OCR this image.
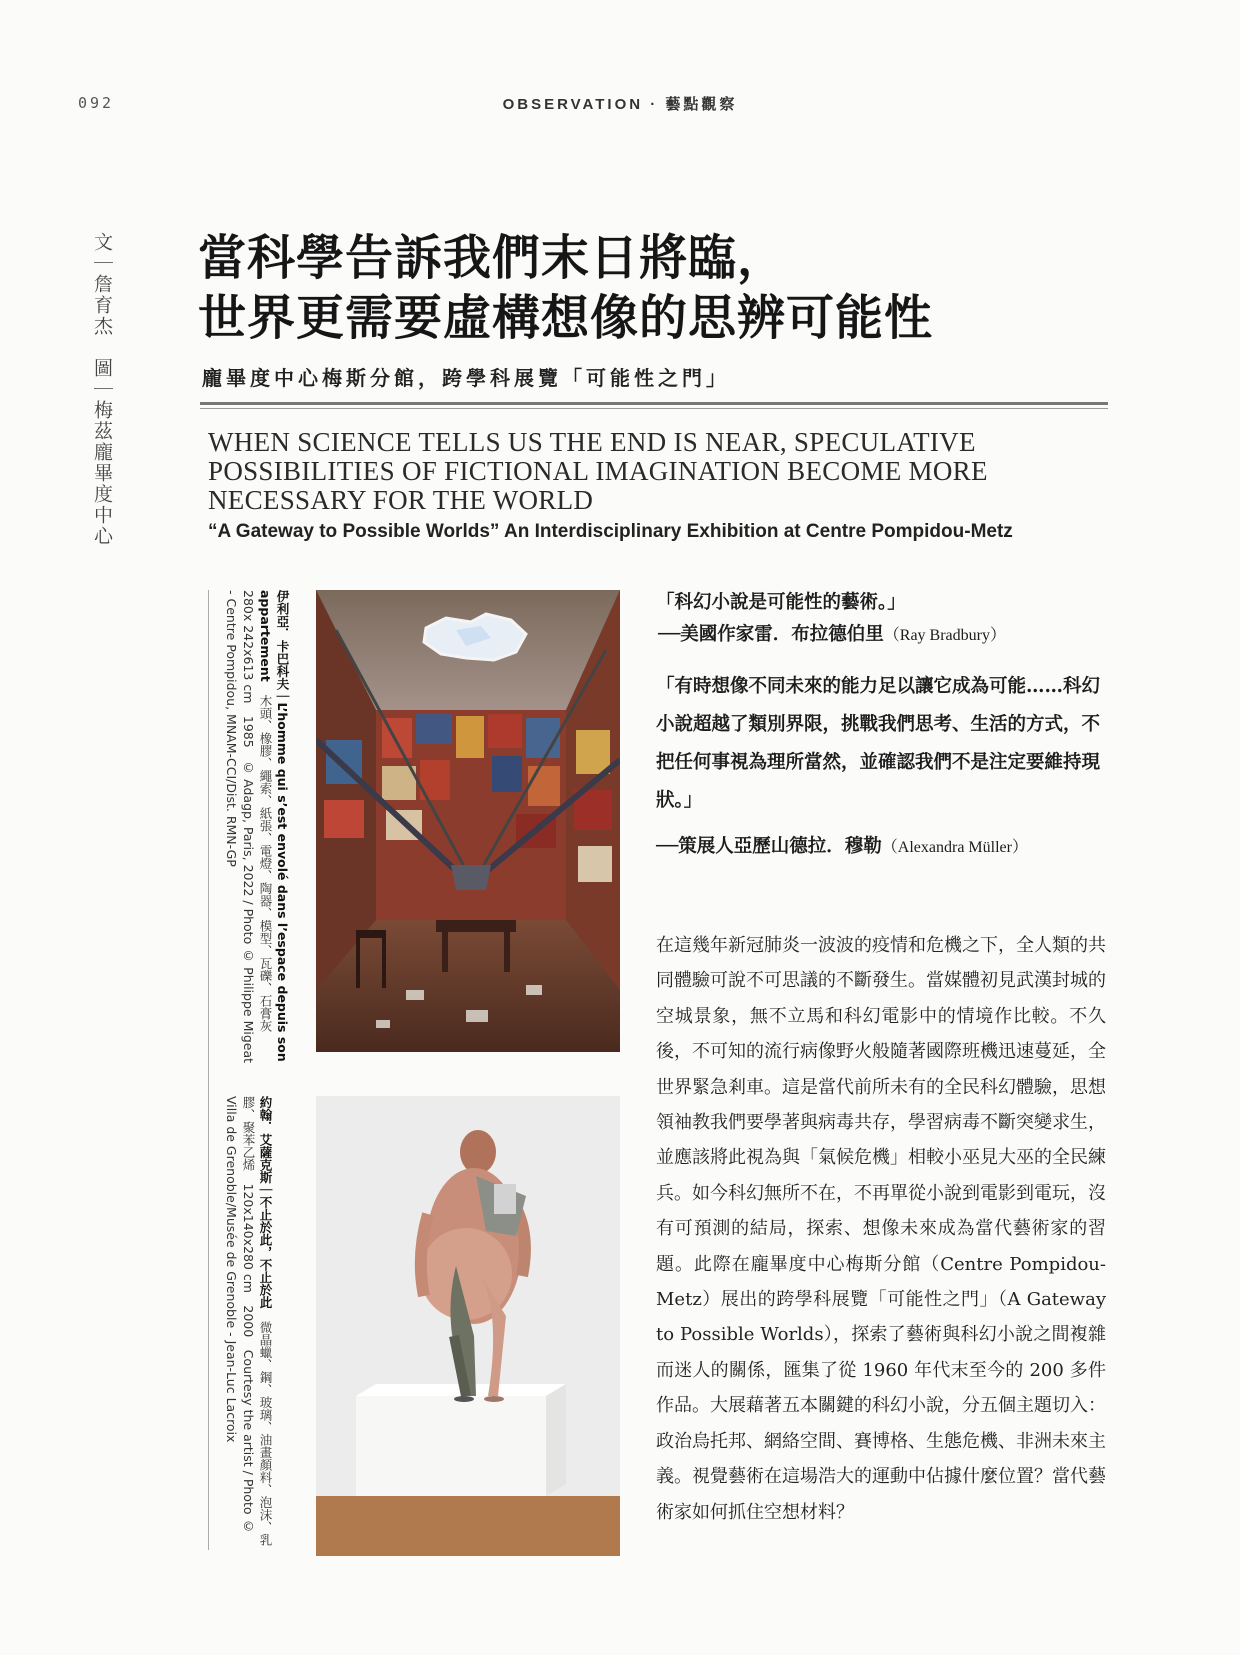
092	OBSERVATION · 藝點觀察
文｜詹育杰　圖｜梅茲龐畢度中心 當科學告訴我們末日將臨，
世界更需要虛構想像的思辨可能性
龐畢度中心梅斯分館，跨學科展覽「可能性之門」
WHEN SCIENCE TELLS US THE END IS NEAR, SPECULATIVE POSSIBILITIES OF FICTIONAL IMAGINATION BECOME MORE NECESSARY FOR THE WORLD
“A Gateway to Possible Worlds” An Interdisciplinary Exhibition at Centre Pompidou-Metz
伊利亞．卡巴科夫｜L’homme qui s’est envolé dans l’espace depuis son appartement　木頭、橡膠、繩索、紙張、電燈、陶器、模型、瓦礫、石膏灰　280x 242x613 cm　1985　© Adagp, Paris, 2022 / Photo © Philippe Migeat - Centre Pompidou, MNAM-CCI/Dist. RMN-GP
約翰．艾薩克斯｜不止於此，不止於此　微晶蠟、鋼、玻璃、油畫顏料、泡沫、乳膠、聚苯乙烯　120x140x280 cm　2000　Courtesy the artist / Photo © Villa de Grenoble/Musée de Grenoble - Jean-Luc Lacroix
「科幻小說是可能性的藝術。」
──美國作家雷．布拉德伯里（Ray Bradbury）
「有時想像不同未來的能力足以讓它成為可能……科幻小說超越了類別界限，挑戰我們思考、生活的方式，不把任何事視為理所當然，並確認我們不是注定要維持現狀。」
──策展人亞歷山德拉．穆勒（Alexandra Müller）
在這幾年新冠肺炎一波波的疫情和危機之下，全人類的共同體驗可說不可思議的不斷發生。當媒體初見武漢封城的空城景象，無不立馬和科幻電影中的情境作比較。不久後，不可知的流行病像野火般隨著國際班機迅速蔓延，全世界緊急剎車。這是當代前所未有的全民科幻體驗，思想領袖教我們要學著與病毒共存，學習病毒不斷突變求生，並應該將此視為與「氣候危機」相較小巫見大巫的全民練兵。如今科幻無所不在，不再單從小說到電影到電玩，沒有可預測的結局，探索、想像未來成為當代藝術家的習題。此際在龐畢度中心梅斯分館（Centre Pompidou-Metz）展出的跨學科展覽「可能性之門」（A Gateway to Possible Worlds），探索了藝術與科幻小說之間複雜而迷人的關係，匯集了從 1960 年代末至今的 200 多件作品。大展藉著五本關鍵的科幻小說，分五個主題切入：政治烏托邦、網絡空間、賽博格、生態危機、非洲未來主義。視覺藝術在這場浩大的運動中佔據什麼位置？當代藝術家如何抓住空想材料？
